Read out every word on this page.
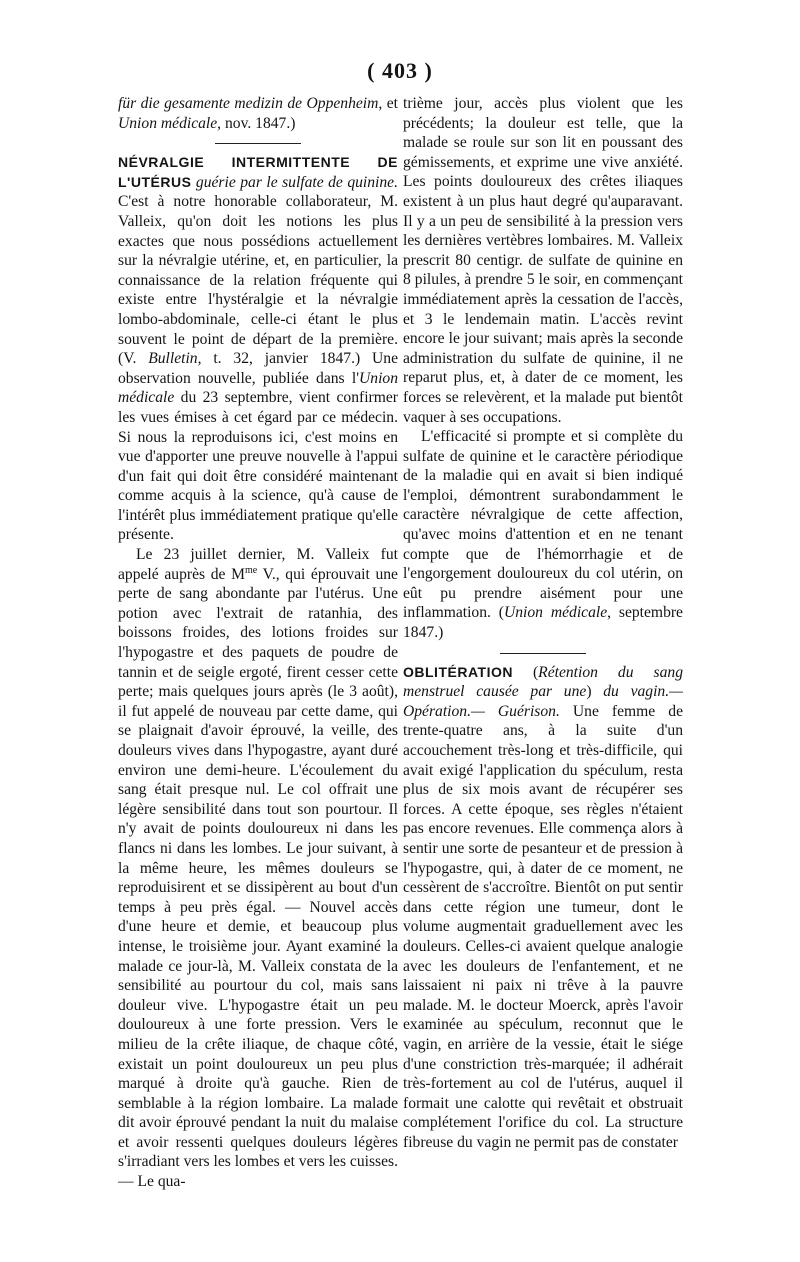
( 403 )

für die gesamente medizin de Oppenheim, et Union médicale, nov. 1847.)

NÉVRALGIE INTERMITTENTE DE L'UTÉRUS guérie par le sulfate de quinine. C'est à notre honorable collaborateur, M. Valleix, qu'on doit les notions les plus exactes que nous possédions actuellement sur la névralgie utérine, et, en particulier, la connaissance de la relation fréquente qui existe entre l'hystéralgie et la névralgie lombo-abdominale, celle-ci étant le plus souvent le point de départ de la première. (V. Bulletin, t. 32, janvier 1847.) Une observation nouvelle, publiée dans l'Union médicale du 23 septembre, vient confirmer les vues émises à cet égard par ce médecin. Si nous la reproduisons ici, c'est moins en vue d'apporter une preuve nouvelle à l'appui d'un fait qui doit être considéré maintenant comme acquis à la science, qu'à cause de l'intérêt plus immédiatement pratique qu'elle présente.

Le 23 juillet dernier, M. Valleix fut appelé auprès de $M^{me}$ V., qui éprouvait une perte de sang abondante par l'utérus. Une potion avec l'extrait de ratanhia, des boissons froides, des lotions froides sur l'hypogastre et des paquets de poudre de tannin et de seigle ergoté, firent cesser cette perte; mais quelques jours après (le 3 août), il fut appelé de nouveau par cette dame, qui se plaignait d'avoir éprouvé, la veille, des douleurs vives dans l'hypogastre, ayant duré environ une demi-heure. L'écoulement du sang était presque nul. Le col offrait une légère sensibilité dans tout son pourtour. Il n'y avait de points douloureux ni dans les flancs ni dans les lombes. Le jour suivant, à la même heure, les mêmes douleurs se reproduisirent et se dissipèrent au bout d'un temps à peu près égal. — Nouvel accès d'une heure et demie, et beaucoup plus intense, le troisième jour. Ayant examiné la malade ce jour-là, M. Valleix constata de la sensibilité au pourtour du col, mais sans douleur vive. L'hypogastre était un peu douloureux à une forte pression. Vers le milieu de la crête iliaque, de chaque côté, existait un point douloureux un peu plus marqué à droite qu'à gauche. Rien de semblable à la région lombaire. La malade dit avoir éprouvé pendant la nuit du malaise et avoir ressenti quelques douleurs légères s'irradiant vers les lombes et vers les cuisses. — Le qua-

trième jour, accès plus violent que les précédents; la douleur est telle, que la malade se roule sur son lit en poussant des gémissements, et exprime une vive anxiété. Les points douloureux des crêtes iliaques existent à un plus haut degré qu'auparavant. Il y a un peu de sensibilité à la pression vers les dernières vertèbres lombaires. M. Valleix prescrit 80 centigr. de sulfate de quinine en 8 pilules, à prendre 5 le soir, en commençant immédiatement après la cessation de l'accès, et 3 le lendemain matin. L'accès revint encore le jour suivant; mais après la seconde administration du sulfate de quinine, il ne reparut plus, et, à dater de ce moment, les forces se relevèrent, et la malade put bientôt vaquer à ses occupations.

L'efficacité si prompte et si complète du sulfate de quinine et le caractère périodique de la maladie qui en avait si bien indiqué l'emploi, démontrent surabondamment le caractère névralgique de cette affection, qu'avec moins d'attention et en ne tenant compte que de l'hémorrhagie et de l'engorgement douloureux du col utérin, on eût pu prendre aisément pour une inflammation. (Union médicale, septembre 1847.)

OBLITÉRATION (Rétention du sang menstruel causée par une) du vagin.— Opération.— Guérison. Une femme de trente-quatre ans, à la suite d'un accouchement très-long et très-difficile, qui avait exigé l'application du spéculum, resta plus de six mois avant de récupérer ses forces. A cette époque, ses règles n'étaient pas encore revenues. Elle commença alors à sentir une sorte de pesanteur et de pression à l'hypogastre, qui, à dater de ce moment, ne cessèrent de s'accroître. Bientôt on put sentir dans cette région une tumeur, dont le volume augmentait graduellement avec les douleurs. Celles-ci avaient quelque analogie avec les douleurs de l'enfantement, et ne laissaient ni paix ni trêve à la pauvre malade. M. le docteur Moerck, après l'avoir examinée au spéculum, reconnut que le vagin, en arrière de la vessie, était le siége d'une constriction très-marquée; il adhérait très-fortement au col de l'utérus, auquel il formait une calotte qui revêtait et obstruait complétement l'orifice du col. La structure fibreuse du vagin ne permit pas de constater
